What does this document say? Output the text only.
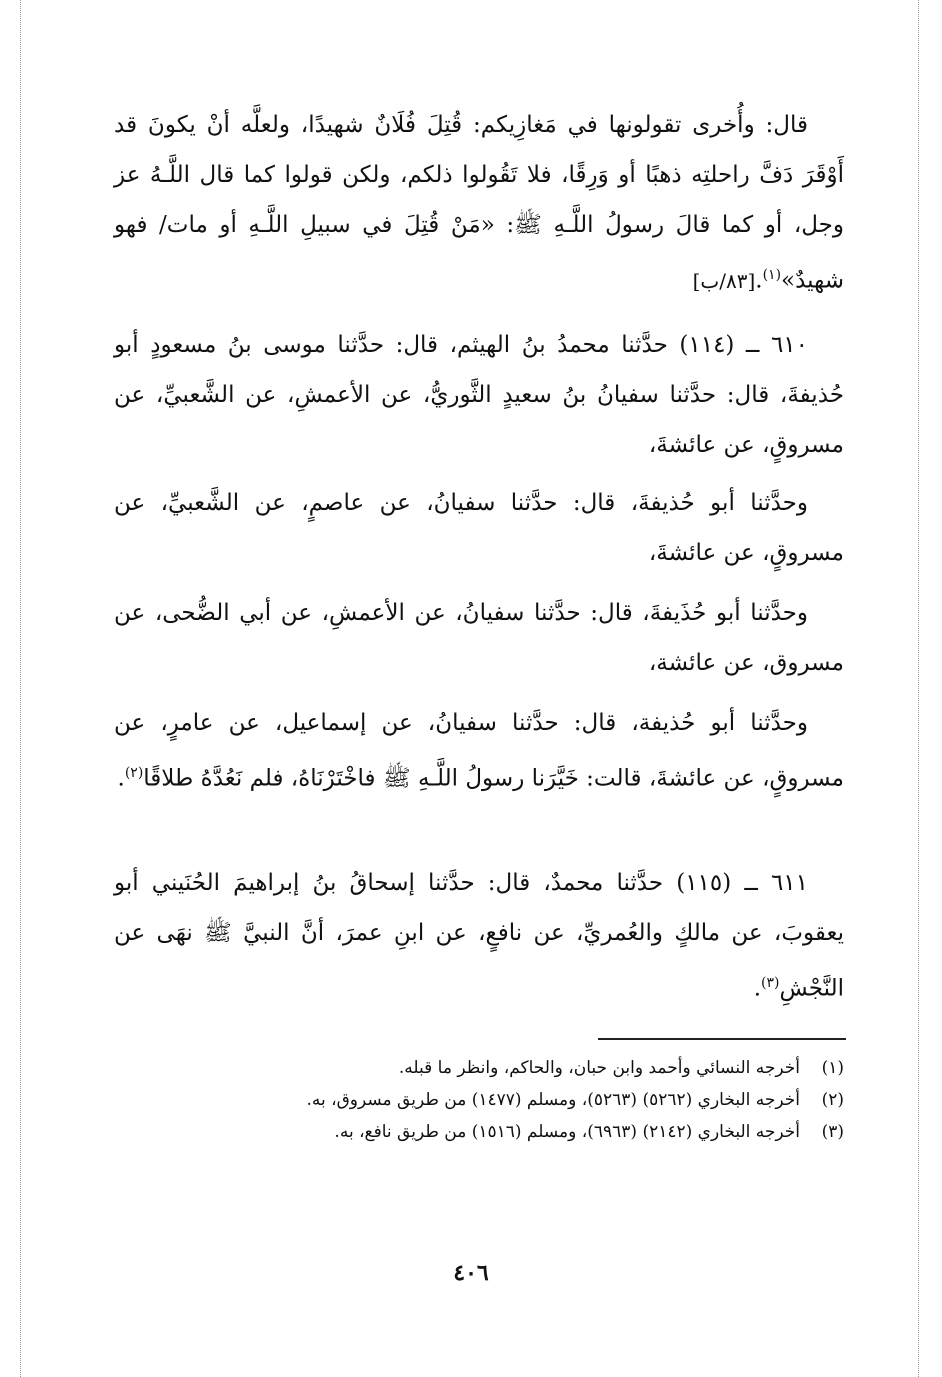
قال: وأُخرى تقولونها في مَغازِيكم: قُتِلَ فُلَانٌ شهيدًا، ولعلَّه أنْ يكونَ قد أَوْقَرَ دَفَّ راحلتِه ذهبًا أو وَرِقًا، فلا تَقُولوا ذلكم، ولكن قولوا كما قال اللَّـهُ عز وجل، أو كما قالَ رسولُ اللَّـهِ ﷺ: «مَنْ قُتِلَ في سبيلِ اللَّـهِ أو مات/ فهو شهيدٌ»$^{(١)}$.[٨٣/ب]

٦١٠ ــ (١١٤) حدَّثنا محمدُ بنُ الهيثم، قال: حدَّثنا موسى بنُ مسعودٍ أبو حُذيفةَ، قال: حدَّثنا سفيانُ بنُ سعيدٍ الثَّوريُّ، عن الأعمشِ، عن الشَّعبيِّ، عن مسروقٍ، عن عائشةَ،

وحدَّثنا أبو حُذيفةَ، قال: حدَّثنا سفيانُ، عن عاصمٍ، عن الشَّعبيِّ، عن مسروقٍ، عن عائشةَ،

وحدَّثنا أبو حُذَيفةَ، قال: حدَّثنا سفيانُ، عن الأعمشِ، عن أبي الضُّحى، عن مسروق، عن عائشة،

وحدَّثنا أبو حُذيفة، قال: حدَّثنا سفيانُ، عن إسماعيل، عن عامرٍ، عن مسروقٍ، عن عائشةَ، قالت: خَيَّرَنا رسولُ اللَّـهِ ﷺ فاخْتَرْنَاهُ، فلم نَعُدَّهُ طلاقًا$^{(٢)}$.

٦١١ ــ (١١٥) حدَّثنا محمدٌ، قال: حدَّثنا إسحاقُ بنُ إبراهيمَ الحُنَيني أبو يعقوبَ، عن مالكٍ والعُمريِّ، عن نافعٍ، عن ابنِ عمرَ، أنَّ النبيَّ ﷺ نهَى عن النَّجْشِ$^{(٣)}$.

(١)
أخرجه النسائي وأحمد وابن حبان، والحاكم، وانظر ما قبله.
(٢)
أخرجه البخاري (٥٢٦٢) (٥٢٦٣)، ومسلم (١٤٧٧) من طريق مسروق، به.
(٣)
أخرجه البخاري (٢١٤٢) (٦٩٦٣)، ومسلم (١٥١٦) من طريق نافع، به.
٤٠٦
